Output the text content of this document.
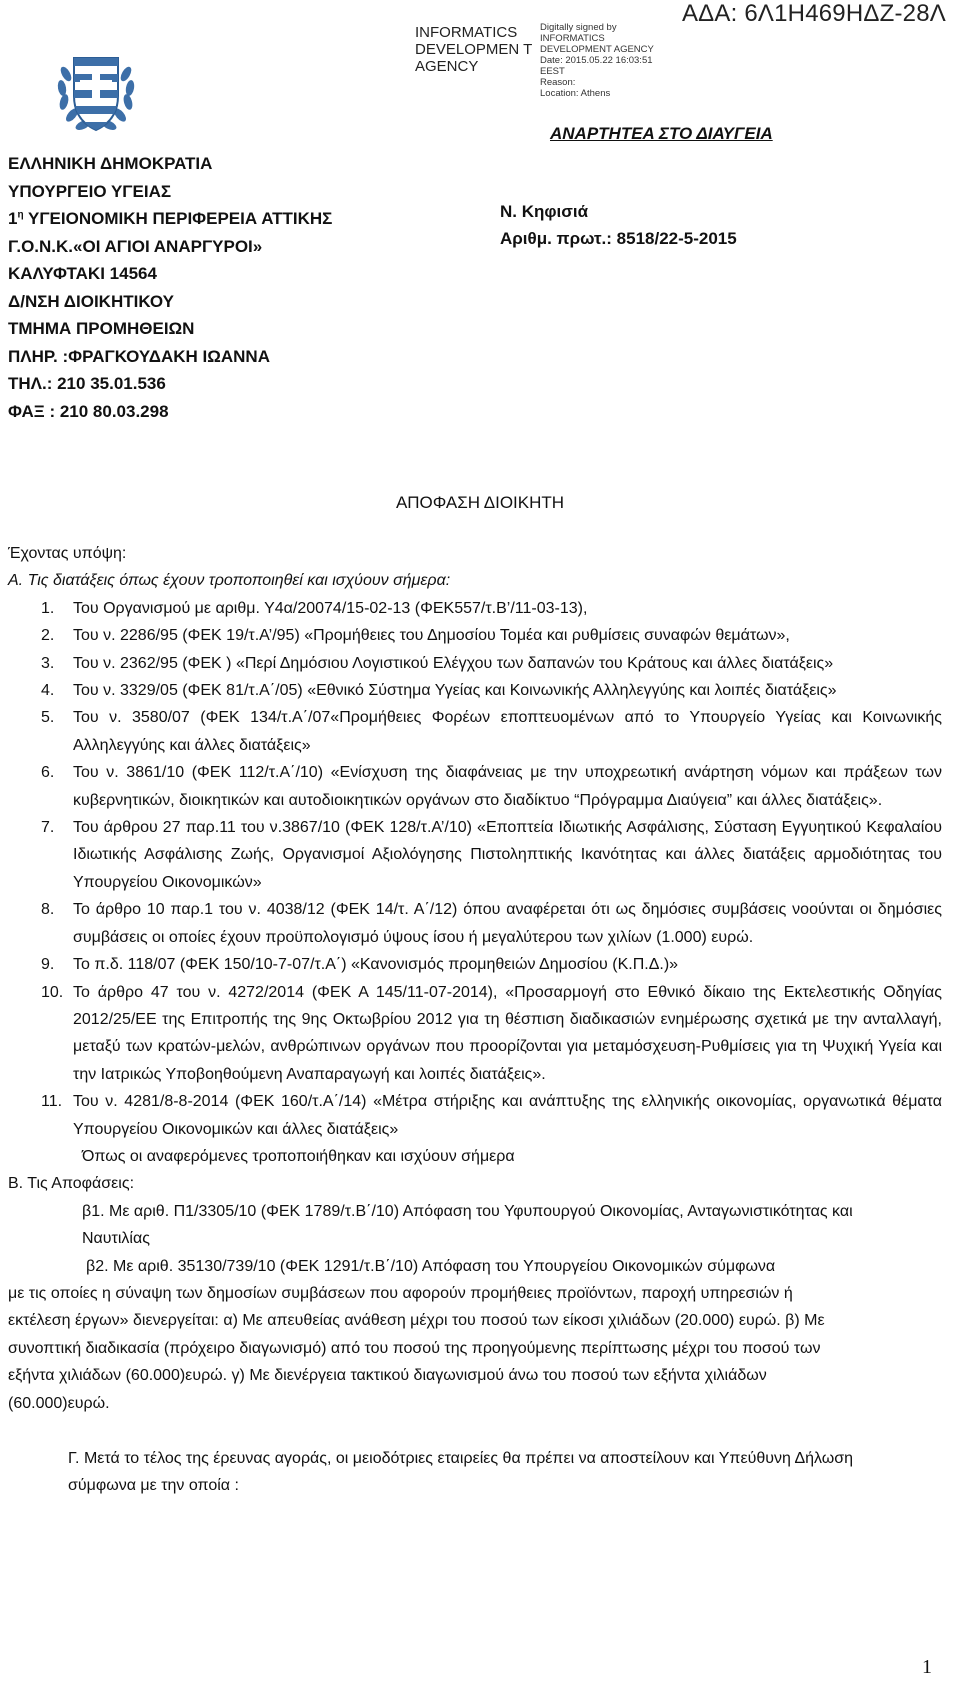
INFORMATICS DEVELOPMEN T AGENCY
Digitally signed by
INFORMATICS
DEVELOPMENT AGENCY
Date: 2015.05.22 16:03:51
EEST
Reason:
Location: Athens
ΑΔΑ: 6Λ1Η469ΗΔΖ-28Λ
ΑΝΑΡΤΗΤΕΑ ΣΤΟ ΔΙΑΥΓΕΙΑ
ΕΛΛΗΝΙΚΗ ΔΗΜΟΚΡΑΤΙΑ
ΥΠΟΥΡΓΕΙΟ ΥΓΕΙΑΣ
$1^\eta$ ΥΓΕΙΟΝΟΜΙΚΗ ΠΕΡΙΦΕΡΕΙΑ ΑΤΤΙΚΗΣ
Γ.Ο.Ν.Κ.«ΟΙ ΑΓΙΟΙ ΑΝΑΡΓΥΡΟΙ»
ΚΑΛΥΦΤΑΚΙ 14564
Δ/ΝΣΗ ΔΙΟΙΚΗΤΙΚΟΥ
ΤΜΗΜΑ ΠΡΟΜΗΘΕΙΩΝ
ΠΛΗΡ. :ΦΡΑΓΚΟΥΔΑΚΗ ΙΩΑΝΝΑ
ΤΗΛ.: 210 35.01.536
ΦΑΞ : 210 80.03.298
Ν. Κηφισιά
Αριθμ. πρωτ.: 8518/22-5-2015
ΑΠΟΦΑΣΗ ΔΙΟΙΚΗΤΗ

Έχοντας υπόψη:

Α. Τις διατάξεις όπως έχουν τροποποιηθεί και ισχύουν σήμερα:

1.	Του Οργανισμού με αριθμ. Υ4α/20074/15-02-13 (ΦΕΚ557/τ.Β’/11-03-13),
2.	Του ν. 2286/95 (ΦΕΚ 19/τ.Α’/95) «Προμήθειες του Δημοσίου Τομέα και ρυθμίσεις συναφών θεμάτων»,
3.	Του ν. 2362/95 (ΦΕΚ ) «Περί Δημόσιου Λογιστικού Ελέγχου των δαπανών του Κράτους και άλλες διατάξεις»
4.	Του ν. 3329/05 (ΦΕΚ 81/τ.Α΄/05) «Εθνικό Σύστημα Υγείας και Κοινωνικής Αλληλεγγύης και λοιπές διατάξεις»
5.	Του ν. 3580/07 (ΦΕΚ 134/τ.Α΄/07«Προμήθειες Φορέων εποπτευομένων από το Υπουργείο Υγείας και Κοινωνικής Αλληλεγγύης και άλλες διατάξεις»
6.	Του ν. 3861/10 (ΦΕΚ 112/τ.Α΄/10) «Ενίσχυση της διαφάνειας με την υποχρεωτική ανάρτηση νόμων και πράξεων των κυβερνητικών, διοικητικών και αυτοδιοικητικών οργάνων στο διαδίκτυο “Πρόγραμμα Διαύγεια” και άλλες διατάξεις».
7.	Του άρθρου 27 παρ.11 του ν.3867/10 (ΦΕΚ 128/τ.Α’/10) «Εποπτεία Ιδιωτικής Ασφάλισης, Σύσταση Εγγυητικού Κεφαλαίου Ιδιωτικής Ασφάλισης Ζωής, Οργανισμοί Αξιολόγησης Πιστοληπτικής Ικανότητας και άλλες διατάξεις αρμοδιότητας του Υπουργείου Οικονομικών»
8.	Το άρθρο 10 παρ.1 του ν. 4038/12 (ΦΕΚ 14/τ. Α΄/12) όπου αναφέρεται ότι ως δημόσιες συμβάσεις νοούνται οι δημόσιες συμβάσεις οι οποίες έχουν προϋπολογισμό ύψους ίσου ή μεγαλύτερου των χιλίων (1.000) ευρώ.
9.	Το π.δ. 118/07 (ΦΕΚ 150/10-7-07/τ.Α΄) «Κανονισμός προμηθειών Δημοσίου (Κ.Π.Δ.)»
10. Το άρθρο 47 του ν. 4272/2014 (ΦΕΚ Α 145/11-07-2014), «Προσαρμογή στο Εθνικό δίκαιο της Εκτελεστικής Οδηγίας 2012/25/ΕΕ της Επιτροπής της 9ης Οκτωβρίου 2012 για τη θέσπιση διαδικασιών ενημέρωσης σχετικά με την ανταλλαγή, μεταξύ των κρατών-μελών, ανθρώπινων οργάνων που προορίζονται για μεταμόσχευση-Ρυθμίσεις για τη Ψυχική Υγεία και την Ιατρικώς Υποβοηθούμενη Αναπαραγωγή και λοιπές διατάξεις».
11. Του ν. 4281/8-8-2014 (ΦΕΚ 160/τ.Α΄/14) «Μέτρα στήριξης και ανάπτυξης της ελληνικής οικονομίας, οργανωτικά θέματα Υπουργείου Οικονομικών και άλλες διατάξεις»

Όπως οι αναφερόμενες τροποποιήθηκαν και ισχύουν σήμερα

Β. Τις Αποφάσεις:

β1. Με αριθ. Π1/3305/10 (ΦΕΚ 1789/τ.Β΄/10) Απόφαση του Υφυπουργού Οικονομίας, Ανταγωνιστικότητας και Ναυτιλίας

β2. Με αριθ. 35130/739/10 (ΦΕΚ 1291/τ.Β΄/10) Απόφαση του Υπουργείου Οικονομικών σύμφωνα
με τις οποίες η σύναψη των δημοσίων συμβάσεων που αφορούν προμήθειες προϊόντων, παροχή υπηρεσιών ή εκτέλεση έργων» διενεργείται: α) Με απευθείας ανάθεση μέχρι του ποσού των είκοσι χιλιάδων (20.000) ευρώ. β) Με συνοπτική διαδικασία (πρόχειρο διαγωνισμό) από του ποσού της προηγούμενης περίπτωσης μέχρι του ποσού των εξήντα χιλιάδων (60.000)ευρώ. γ) Με διενέργεια τακτικού διαγωνισμού άνω του ποσού των εξήντα χιλιάδων (60.000)ευρώ.

Γ. Μετά το τέλος της έρευνας αγοράς, οι μειοδότριες εταιρείες θα πρέπει να αποστείλουν και Υπεύθυνη Δήλωση σύμφωνα με την οποία :

1
